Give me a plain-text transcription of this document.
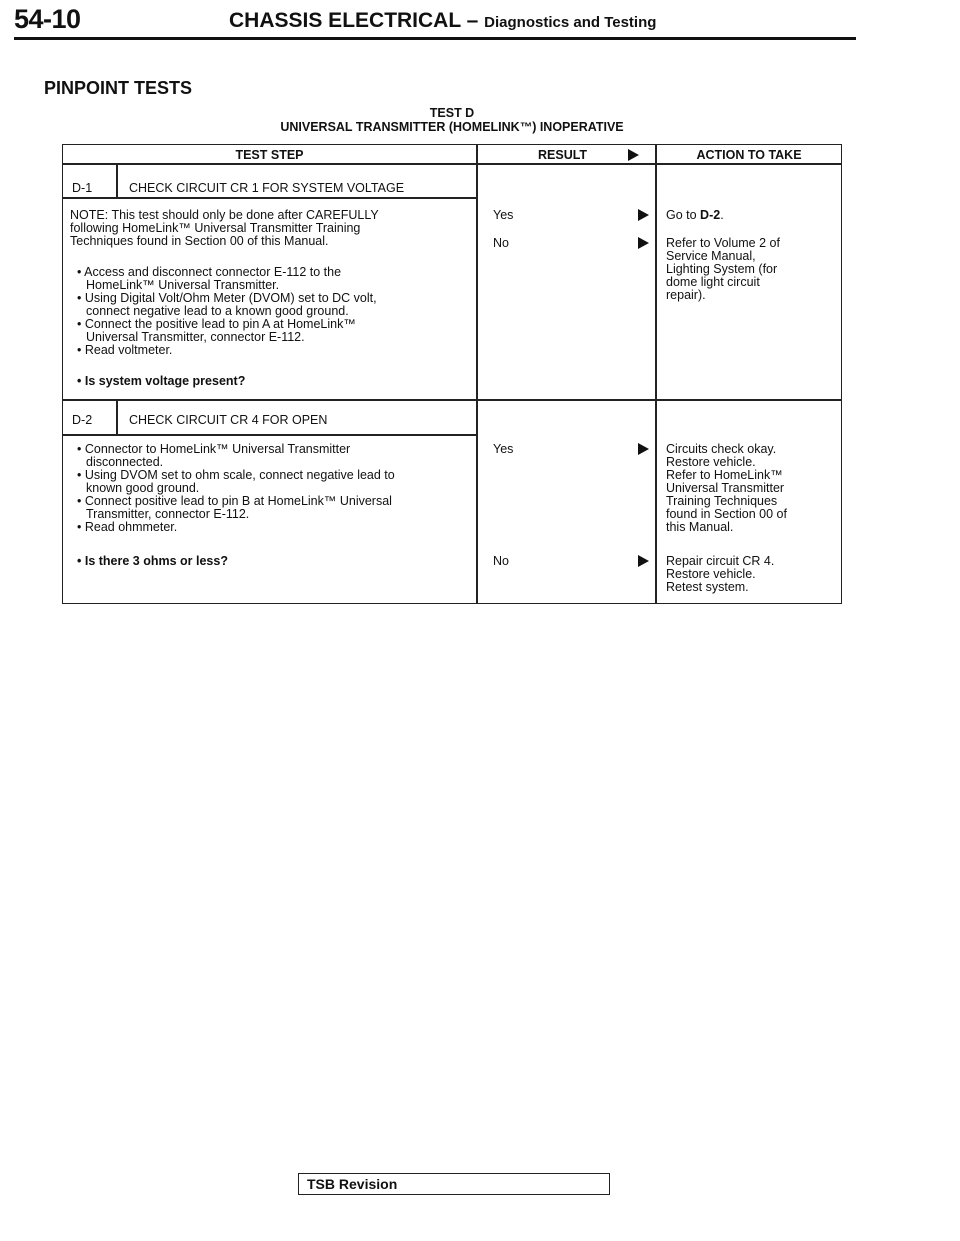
54-10	CHASSIS ELECTRICAL – Diagnostics and Testing
PINPOINT TESTS
TEST D
UNIVERSAL TRANSMITTER (HOMELINK™) INOPERATIVE
TEST STEP	RESULT	ACTION TO TAKE
D-1	CHECK CIRCUIT CR 1 FOR SYSTEM VOLTAGE
NOTE: This test should only be done after CAREFULLY
following HomeLink™ Universal Transmitter Training
Techniques found in Section 00 of this Manual.
• Access and disconnect connector E-112 to the
HomeLink™ Universal Transmitter.
• Using Digital Volt/Ohm Meter (DVOM) set to DC volt,
connect negative lead to a known good ground.
• Connect the positive lead to pin A at HomeLink™
Universal Transmitter, connector E-112.
• Read voltmeter.
• Is system voltage present?
Yes	Go to D-2.
No	Refer to Volume 2 of
Service Manual,
Lighting System (for
dome light circuit
repair).
D-2	CHECK CIRCUIT CR 4 FOR OPEN
• Connector to HomeLink™ Universal Transmitter
disconnected.
• Using DVOM set to ohm scale, connect negative lead to
known good ground.
• Connect positive lead to pin B at HomeLink™ Universal
Transmitter, connector E-112.
• Read ohmmeter.
• Is there 3 ohms or less?
Yes	Circuits check okay.
Restore vehicle.
Refer to HomeLink™
Universal Transmitter
Training Techniques
found in Section 00 of
this Manual.
No	Repair circuit CR 4.
Restore vehicle.
Retest system.
TSB Revision
